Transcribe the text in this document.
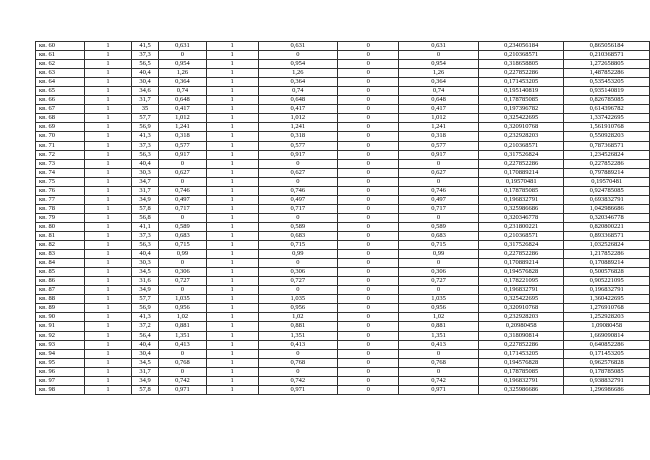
кв. 60	1	41,5	0,631	1	0,631	0	0,631	0,234056184	0,865056184
кв. 61	1	37,3	0	1	0	0	0	0,210368571	0,210368571
кв. 62	1	56,5	0,954	1	0,954	0	0,954	0,318658805	1,272658805
кв. 63	1	40,4	1,26	1	1,26	0	1,26	0,227852286	1,487852286
кв. 64	1	30,4	0,364	1	0,364	0	0,364	0,171453205	0,535453205
кв. 65	1	34,6	0,74	1	0,74	0	0,74	0,195140819	0,935140819
кв. 66	1	31,7	0,648	1	0,648	0	0,648	0,178785085	0,826785085
кв. 67	1	35	0,417	1	0,417	0	0,417	0,197396782	0,614396782
кв. 68	1	57,7	1,012	1	1,012	0	1,012	0,325422695	1,337422695
кв. 69	1	56,9	1,241	1	1,241	0	1,241	0,320910768	1,561910768
кв. 70	1	41,3	0,318	1	0,318	0	0,318	0,232928203	0,550928203
кв. 71	1	37,3	0,577	1	0,577	0	0,577	0,210368571	0,787368571
кв. 72	1	56,3	0,917	1	0,917	0	0,917	0,317526824	1,234526824
кв. 73	1	40,4	0	1	0	0	0	0,227852286	0,227852286
кв. 74	1	30,3	0,627	1	0,627	0	0,627	0,170889214	0,797889214
кв. 75	1	34,7	0	1	0	0	0	0,19570481	0,19570481
кв. 76	1	31,7	0,746	1	0,746	0	0,746	0,178785085	0,924785085
кв. 77	1	34,9	0,497	1	0,497	0	0,497	0,196832791	0,693832791
кв. 78	1	57,8	0,717	1	0,717	0	0,717	0,325986686	1,042986686
кв. 79	1	56,8	0	1	0	0	0	0,320346778	0,320346778
кв. 80	1	41,1	0,589	1	0,589	0	0,589	0,231800221	0,820800221
кв. 81	1	37,3	0,683	1	0,683	0	0,683	0,210368571	0,893368571
кв. 82	1	56,3	0,715	1	0,715	0	0,715	0,317526824	1,032526824
кв. 83	1	40,4	0,99	1	0,99	0	0,99	0,227852286	1,217852286
кв. 84	1	30,3	0	1	0	0	0	0,170889214	0,170889214
кв. 85	1	34,5	0,306	1	0,306	0	0,306	0,194576828	0,500576828
кв. 86	1	31,6	0,727	1	0,727	0	0,727	0,178221095	0,905221095
кв. 87	1	34,9	0	1	0	0	0	0,196832791	0,196832791
кв. 88	1	57,7	1,035	1	1,035	0	1,035	0,325422695	1,360422695
кв. 89	1	56,9	0,956	1	0,956	0	0,956	0,320910768	1,276910768
кв. 90	1	41,3	1,02	1	1,02	0	1,02	0,232928203	1,252928203
кв. 91	1	37,2	0,881	1	0,881	0	0,881	0,20980458	1,09080458
кв. 92	1	56,4	1,351	1	1,351	0	1,351	0,318090814	1,669090814
кв. 93	1	40,4	0,413	1	0,413	0	0,413	0,227852286	0,640852286
кв. 94	1	30,4	0	1	0	0	0	0,171453205	0,171453205
кв. 95	1	34,5	0,768	1	0,768	0	0,768	0,194576828	0,962576828
кв. 96	1	31,7	0	1	0	0	0	0,178785085	0,178785085
кв. 97	1	34,9	0,742	1	0,742	0	0,742	0,196832791	0,938832791
кв. 98	1	57,8	0,971	1	0,971	0	0,971	0,325986686	1,296986686
